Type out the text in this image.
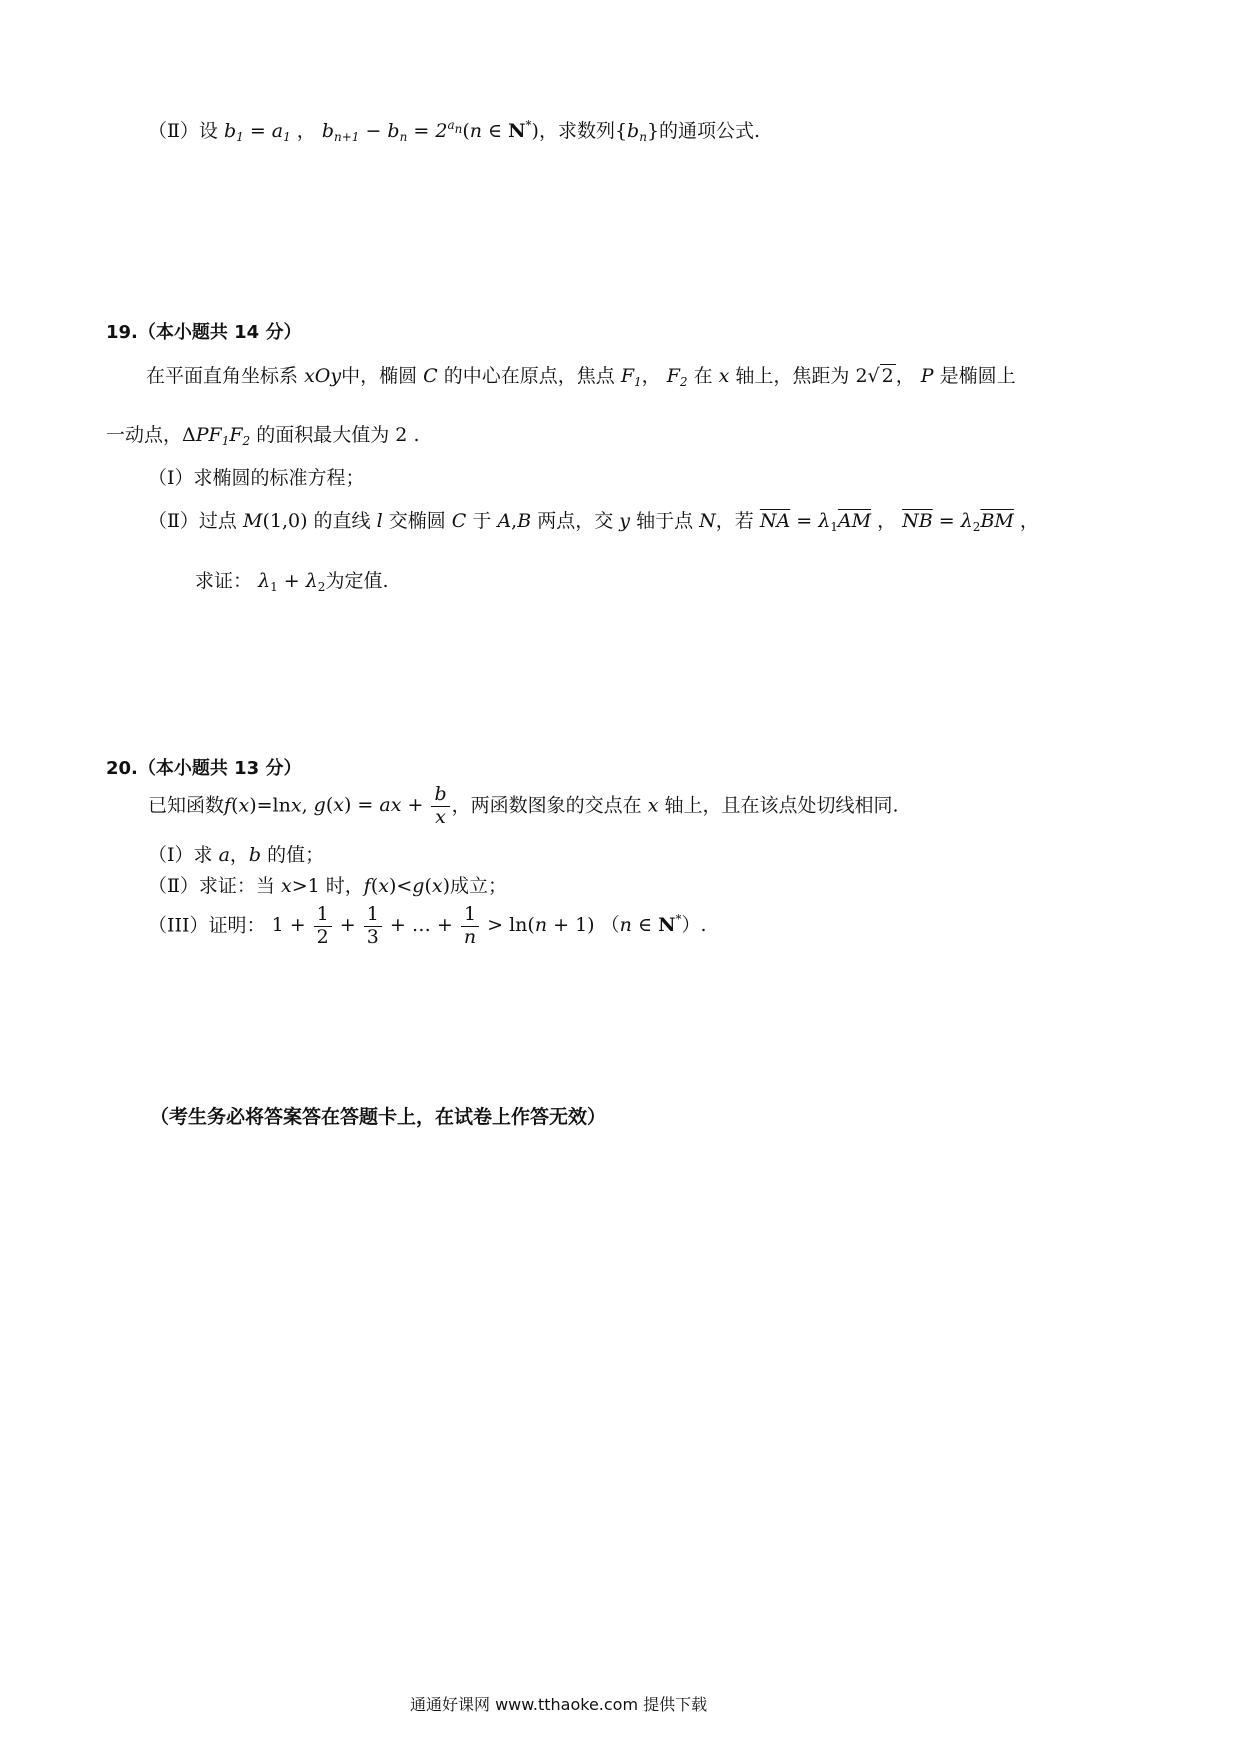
（Ⅱ）设 $b_1 = a_1$ ， $b_{n+1} - b_n = 2^{a_n}(n$ ∈ N*)，求数列$\{b_n\}$的通项公式.
19.（本小题共 14 分）
在平面直角坐标系 xOy中，椭圆 C 的中心在原点，焦点 $F_1$， $F_2$ 在 x 轴上，焦距为 2√ 2 ， P 是椭圆上
一动点，$\Delta PF_1F_2$ 的面积最大值为 2 .
（Ⅰ）求椭圆的标准方程；
（Ⅱ）过点 M(1,0) 的直线 l 交椭圆 C 于 A,B 两点，交 y 轴于点 N，若 $\overline{NA} = \lambda_1\overline{AM}$ ， $\overline{NB} = \lambda_2\overline{BM}$ ，
求证： $\lambda_1 + \lambda_2$为定值.
20.（本小题共 13 分）
已知函数f(x)=lnx, g(x) = ax + $\frac{b}{x}$ ，两函数图象的交点在 x 轴上，且在该点处切线相同.
（Ⅰ）求 a，b 的值；
（Ⅱ）求证：当 x>1 时，f(x)<g(x)成立；
（III）证明： $1 + \frac{1}{2} + \frac{1}{3}$ + … + $\frac{1}{n} > \ln(n + 1)$ （n ∈ N*）.
（考生务必将答案答在答题卡上，在试卷上作答无效）
通通好课网 www.tthaoke.com 提供下载
